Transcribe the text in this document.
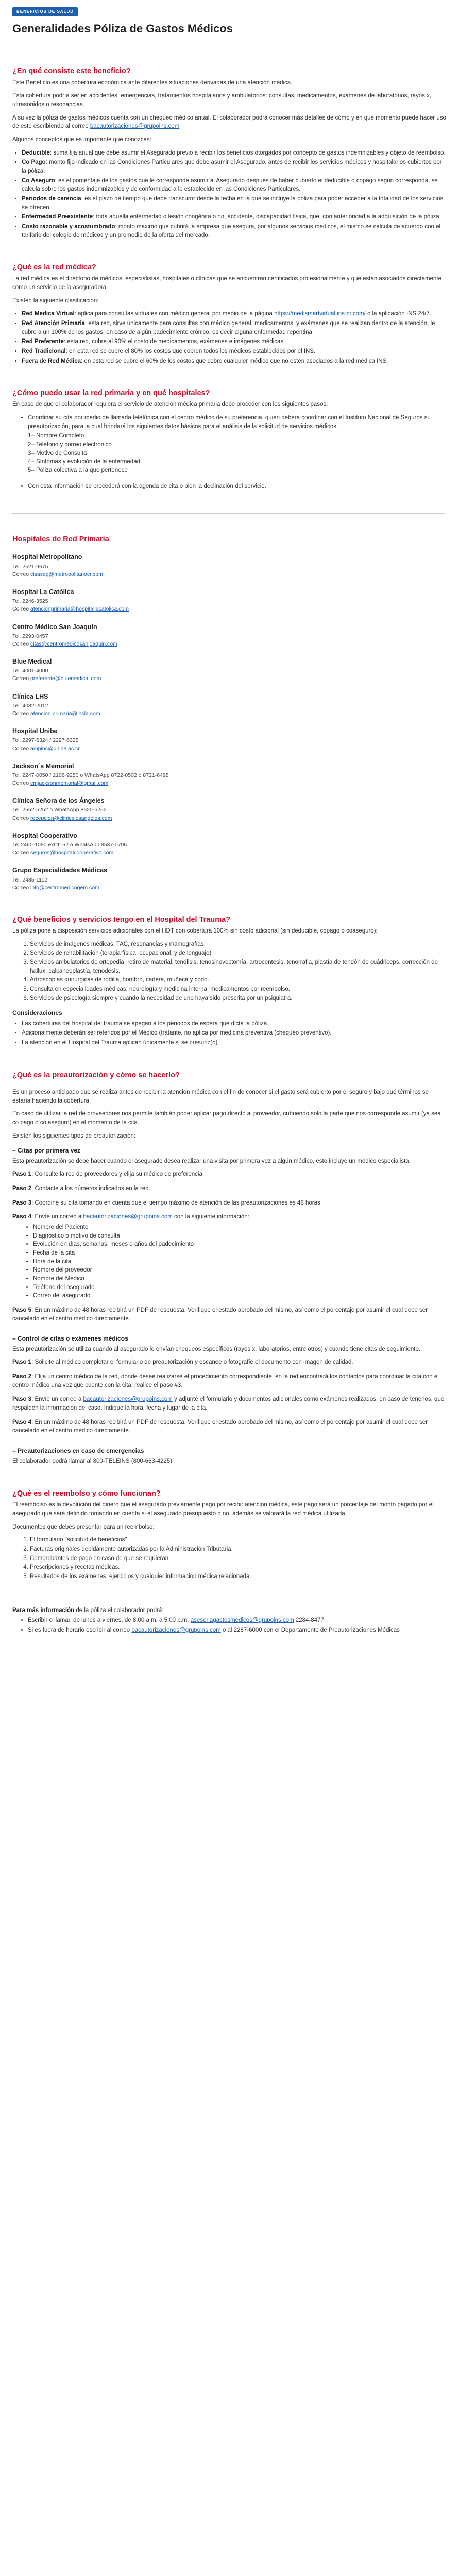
BENEFICIOS DE SALUD
Generalidades Póliza de Gastos Médicos
¿En qué consiste este beneficio?

Este Beneficio es una cobertura económica ante diferentes situaciones derivadas de una atención médica.

Esta cobertura podría ser en accidentes, emergencias, tratamientos hospitalarios y ambulatorios: consultas, medicamentos, exámenes de laboratorios, rayos x, ultrasonidos o resonancias.

A su vez la póliza de gastos médicos cuenta con un chequeo médico anual. El colaborador podrá conocer más detalles de cómo y en qué momento puede hacer uso de este escribiendo al correo bacautorizaciones@grupoins.com

Algunos conceptos que es importante que conozcas:

• Deducible: suma fija anual que debe asumir el Asegurado previo a recibir los beneficios otorgados por concepto de gastos indemnizables y objeto de reembolso.
• Co Pago: monto fijo indicado en las Condiciones Particulares que debe asumir el Asegurado, antes de recibir los servicios médicos y hospitalarios cubiertos por la póliza.
• Co Aseguro: es el porcentaje de los gastos que le corresponde asumir al Asegurado después de haber cubierto el deducible o copago según corresponda, se calcula sobre los gastos indemnizables y de conformidad a lo establecido en las Condiciones Particulares.
• Periodos de carencia: es el plazo de tiempo que debe transcurrir desde la fecha en la que se incluye la póliza para poder acceder a la totalidad de los servicios se ofrecen.
• Enfermedad Preexistente: toda aquella enfermedad o lesión congénita o no, accidente, discapacidad física, que, con anterioridad a la adquisición de la póliza.
• Costo razonable y acostumbrado: monto máximo que cubrirá la empresa que asegura, por algunos servicios médicos, el mismo se calcula de acuerdo con el tarifario del colegio de médicos y un promedio de la oferta del mercado.
¿Qué es la red médica?

La red médica es el directorio de médicos, especialistas, hospitales o clínicas que se encuentran certificados profesionalmente y que están asociados directamente como un servicio de la aseguradora.

Existen la siguiente clasificación:

• Red Medica Virtual: aplica para consultas virtuales con médico general por medio de la página https://medismartvirtual.ins-cr.com/ o la aplicación INS 24/7.
• Red Atención Primaria: esta red, sirve únicamente para consultas con médico general, medicamentos, y exámenes que se realizan dentro de la atención, le cubre a un 100% de los gastos; en caso de algún padecimiento crónico, es decir alguna enfermedad repentina.
• Red Preferente: esta red, cubre al 90% el costo de medicamentos, exámenes e imágenes médicas.
• Red Tradicional: en esta red se cubre el 80% los costos que cobren todos los médicos establecidos por el INS.
• Fuera de Red Médica: en esta red se cubre el 60% de los costos que cobre cualquier médico que no estén asociados a la red médica INS.
¿Cómo puedo usar la red primaria y en qué hospitales?

En caso de que el colaborador requiera el servicio de atención médica primaria debe proceder con los siguientes pasos:

• Coordinar su cita por medio de llamada telefónica con el centro médico de su preferencia, quién deberá coordinar con el Instituto Nacional de Seguros su preautorización, para la cual brindará los siguientes datos básicos para el análisis de la solicitud de servicios médicos:
1– Nombre Completo
2– Teléfono y correo electrónico
3– Motivo de Consulta
4– Síntomas y evolución de la enfermedad
5– Póliza colectiva a la que pertenece
• Con esta información se procederá con la agenda de cita o bien la declinación del servicio.
Hospitales de Red Primaria
Hospital Metropolitano
Tel. 2521-9675
Correo cisaseg@metropolitanocr.com
Hospital La Católica
Tel. 2246-3525
Correo atencionprimaria@hospitallacatolica.com
Centro Médico San Joaquín
Tel. 2293-0457
Correo citas@centromedicosanjoaquin.com
Blue Medical
Tel. 4001-4000
Correo preferente@bluemedical.com
Clínica LHS
Tel. 4032-2012
Correo atencion.primaria@lhsla.com
Hospital Unibe
Tel. 2297-6324 / 2297-6325
Correo ampins@unibe.ac.cr
Jackson´s Memorial
Tel. 2247-0050 / 2106-9250 o WhatsApp 8722-0502 o 8721-6498
Correo cmjacksonmemorial@gmail.com
Clínica Señora de los Ángeles
Tel. 2552-5252 o WhatsApp 8620-5252
Correo recepcion@clinicalosangeles.com
Hospital Cooperativo
Tel 2460-1080 ext 1152 o WhatsApp 8537-0796
Correo seguros@hospitalcooperativo.com
Grupo Especialidades Médicas
Tel. 2435-1112
Correo info@centromedicogem.com
¿Qué beneficios y servicios tengo en el Hospital del Trauma?

La póliza pone a disposición servicios adicionales con el HDT con cobertura 100% sin costo adicional (sin deducible, copago o coaseguro):

1. Servicios de imágenes médicas: TAC, resonancias y mamografías.
2. Servicios de rehabilitación (terapia física, ocupacional, y de lenguaje)
3. Servicios ambulatorios de ortopedia, retiro de material, tenólisis, tenosinovectomía, artrocentesis, tenorrafia, plastía de tendón de cuádriceps, corrección de hallux, calcaneoplastía, tenodesis.
4. Artroscopias quirúrgicas de rodilla, hombro, cadera, muñeca y codo.
5. Consulta en especialidades médicas: neurología y medicina interna, medicamentos por reembolso.
6. Servicios de psicología siempre y cuando la necesidad de uno haya sido prescrita por un psiquiatra.
Consideraciones
• Las coberturas del hospital del trauma se apegan a los periodos de espera que dicta la póliza.
• Adicionalmente deberán ser referidos por el Médico (tratante, no aplica por medicina preventiva (chequeo preventivo).
• La atención en el Hospital del Trauma aplican únicamente si se presuriz(o).
¿Qué es la preautorización y cómo se hacerlo?

Es un proceso anticipado que se realiza antes de recibir la atención médica con el fin de conocer si el gasto será cubierto por el seguro y bajo qué términos se estaría haciendo la cobertura.

En caso de utilizar la red de proveedores nos permite también poder aplicar pago directo al proveedor, cubriendo solo la parte que nos corresponde asumir (ya sea co pago o co aseguro) en el momento de la cita.

Existen los siguientes tipos de preautorización:

– Citas por primera vez

Esta preautorización se debe hacer cuando el asegurado desea realizar una visita por primera vez a algún médico, esto incluye un médico especialista.

Paso 1: Consulte la red de proveedores y elija su médico de preferencia.

Paso 2: Contacte a los números indicados en la red.

Paso 3: Coordine su cita tomando en cuenta que el tiempo máximo de atención de las preautorizaciones es 48 horas

Paso 4: Envíe un correo a bacautorizaciones@grupoins.com con la siguiente información:
• Nombre del Paciente
• Diagnóstico o motivo de consulta
• Evolución en días, semanas, meses o años del padecimiento
• Fecha de la cita
• Hora de la cita
• Nombre del proveedor
• Nombre del Médico
• Teléfono del asegurado
• Correo del asegurado

Paso 5: En un máximo de 48 horas recibirá un PDF de respuesta. Verifique el estado aprobado del mismo, así como el porcentaje por asumir el cual debe ser cancelado en el centro médico directamente.

– Control de citas o exámenes médicos

Esta preautorización se utiliza cuando al asegurado le envían chequeos específicos (rayos x, laboratorios, entre otros) y cuando tiene citas de seguimiento.

Paso 1: Solicite al médico completar el formulario de preautorización y escanee o fotografíe el documento con imagen de calidad.

Paso 2: Elija un centro médico de la red, donde desee realizarse el procedimiento correspondiente, en la red encontrará los contactos para coordinar la cita con el centro médico una vez que cuente con la cita, realice el paso #3.

Paso 3: Envíe un correo a bacautorizaciones@grupoins.com y adjunté el formulario y documentos adicionales como exámenes realizados, en caso de tenerlos, que respalden la información del caso. Indique la hora, fecha y lugar de la cita.

Paso 4: En un máximo de 48 horas recibirá un PDF de respuesta. Verifique el estado aprobado del mismo, así como el porcentaje por asumir el cual debe ser cancelado en el centro médico directamente.

– Preautorizaciones en caso de emergencias

El colaborador podrá llamar al 800-TELEINS (800-663-4225)

¿Qué es el reembolso y cómo funcionan?

El reembolso es la devolución del dinero que el asegurado previamente pago por recibir atención médica, este pago será un porcentaje del monto pagado por el asegurado que será definido tomando en cuenta si el asegurado presupuestó o no, además se valorará la red médica utilizada.

Documentos que debes presentar para un reembolso:

1. El formulario "solicitud de beneficios"
2. Facturas originales debidamente autorizadas por la Administración Tributaria.
3. Comprobantes de pago en caso de que se requieran.
4. Prescripciones y recetas médicas.
5. Resultados de los exámenes, ejercicios y cualquier información médica relacionada.

Para más información de la póliza el colaborador podrá:

• Escribir o llamar, de lunes a viernes, de 8:00 a.m. a 5:00 p.m. asesoriagastosmedicos@grupoins.com 2284-8477
• Si es fuera de horario escribir al correo bacautorizaciones@grupoins.com o al 2287-6000 con el Departamento de Preautorizaciones Médicas
